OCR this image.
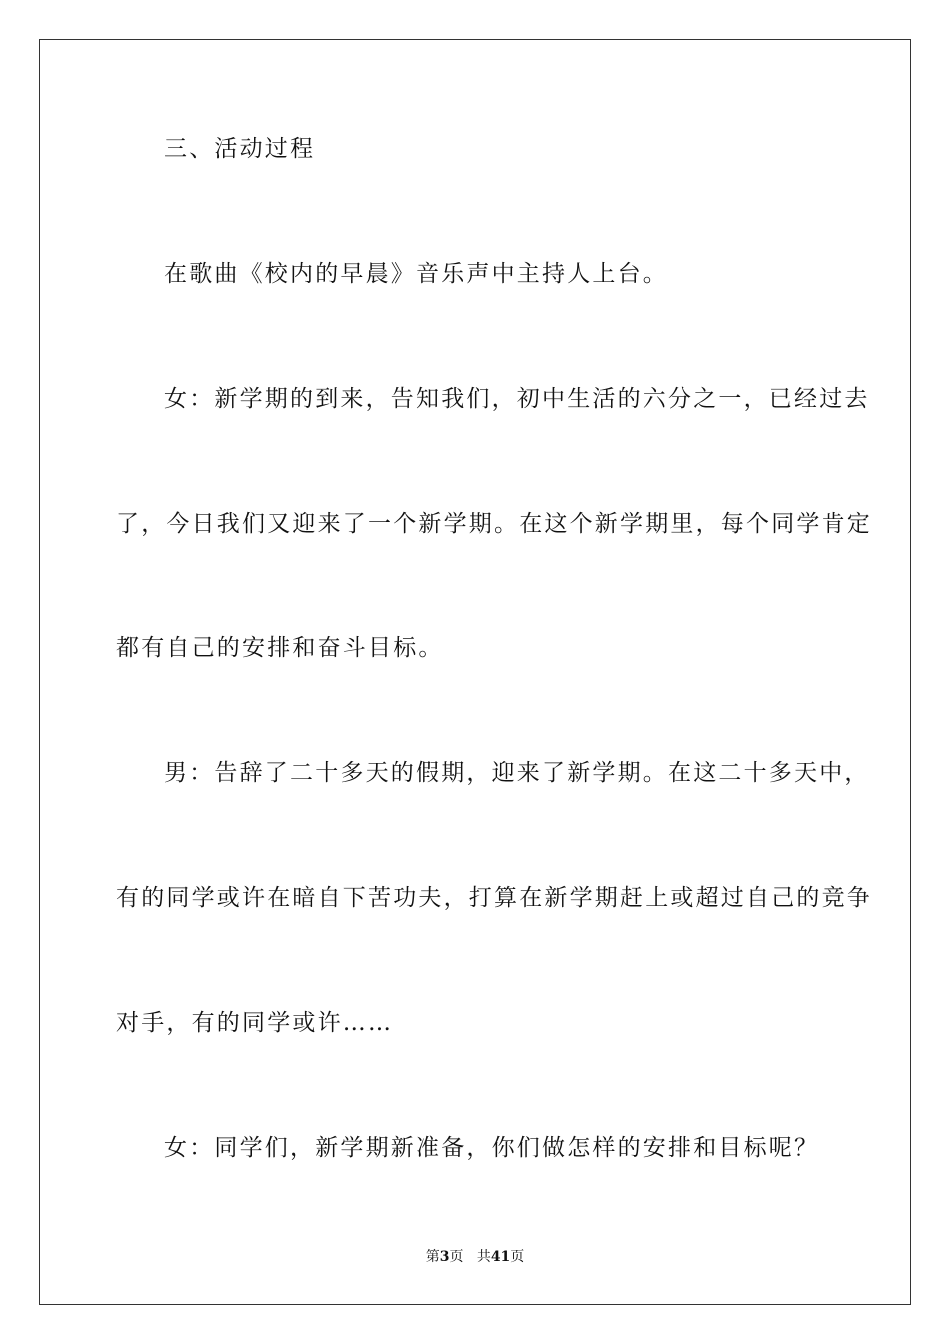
三、活动过程
在歌曲《校内的早晨》音乐声中主持人上台。
女：新学期的到来，告知我们，初中生活的六分之一，已经过去
了，今日我们又迎来了一个新学期。在这个新学期里，每个同学肯定
都有自己的安排和奋斗目标。
男：告辞了二十多天的假期，迎来了新学期。在这二十多天中，
有的同学或许在暗自下苦功夫，打算在新学期赶上或超过自己的竞争
对手，有的同学或许……
女：同学们，新学期新准备，你们做怎样的安排和目标呢？
第3页 共41页
